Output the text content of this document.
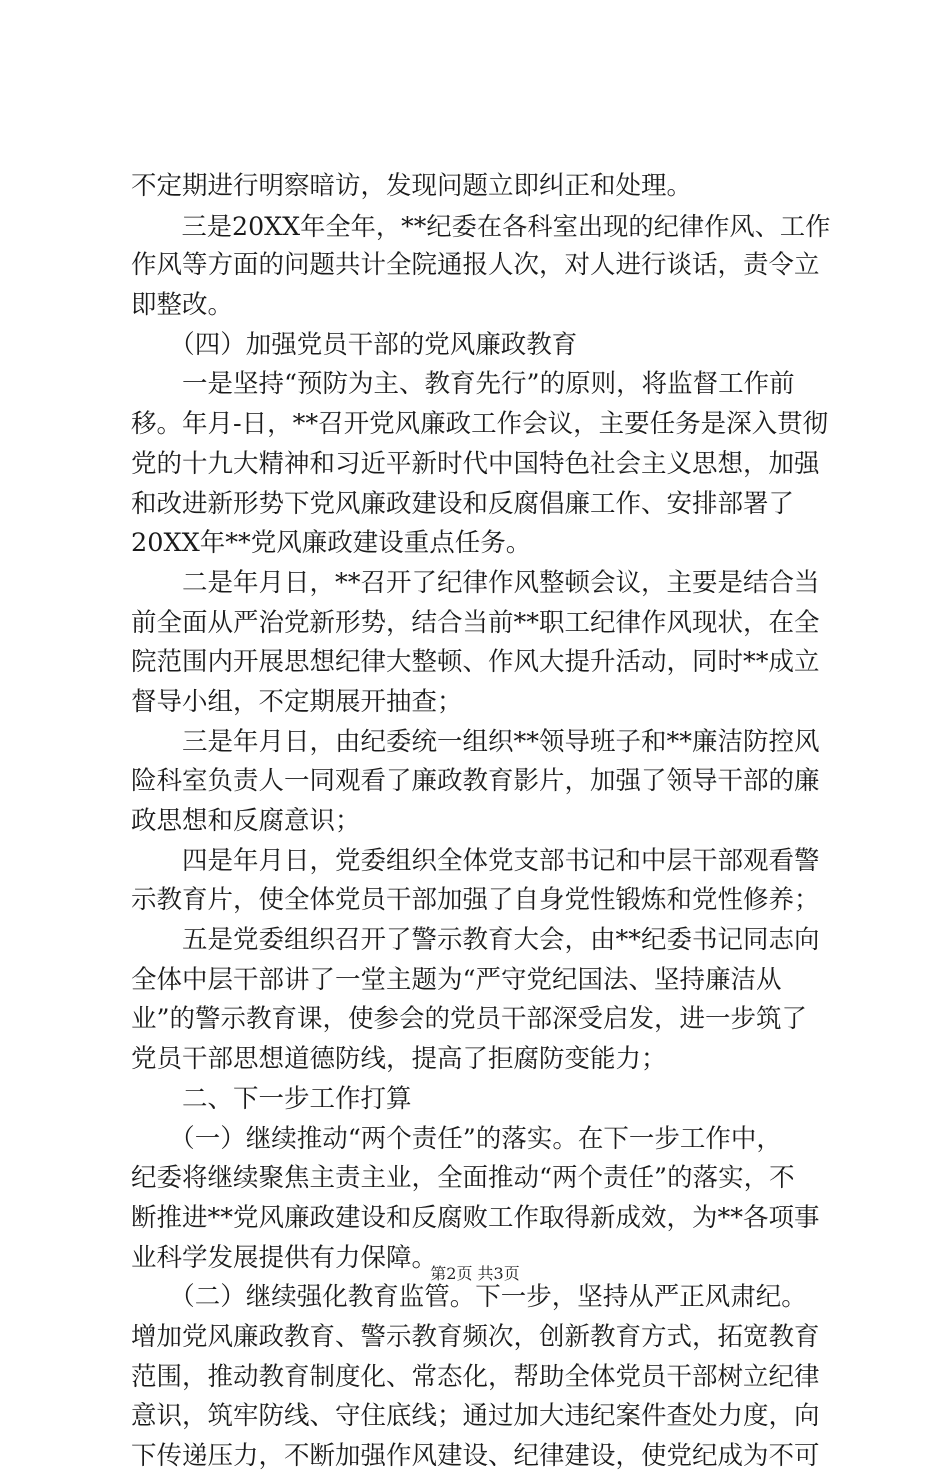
不定期进行明察暗访，发现问题立即纠正和处理。
　　三是20XX年全年，**纪委在各科室出现的纪律作风、工作
作风等方面的问题共计全院通报人次，对人进行谈话，责令立
即整改。
　　（四）加强党员干部的党风廉政教育
　　一是坚持“预防为主、教育先行”的原则，将监督工作前
移。年月-日，**召开党风廉政工作会议，主要任务是深入贯彻
党的十九大精神和习近平新时代中国特色社会主义思想，加强
和改进新形势下党风廉政建设和反腐倡廉工作、安排部署了
20XX年**党风廉政建设重点任务。
　　二是年月日，**召开了纪律作风整顿会议，主要是结合当
前全面从严治党新形势，结合当前**职工纪律作风现状，在全
院范围内开展思想纪律大整顿、作风大提升活动，同时**成立
督导小组，不定期展开抽查；
　　三是年月日，由纪委统一组织**领导班子和**廉洁防控风
险科室负责人一同观看了廉政教育影片，加强了领导干部的廉
政思想和反腐意识；
　　四是年月日，党委组织全体党支部书记和中层干部观看警
示教育片，使全体党员干部加强了自身党性锻炼和党性修养；
　　五是党委组织召开了警示教育大会，由**纪委书记同志向
全体中层干部讲了一堂主题为“严守党纪国法、坚持廉洁从
业”的警示教育课，使参会的党员干部深受启发，进一步筑了
党员干部思想道德防线，提高了拒腐防变能力；
　　二、下一步工作打算
　　（一）继续推动“两个责任”的落实。在下一步工作中，
纪委将继续聚焦主责主业，全面推动“两个责任”的落实，不
断推进**党风廉政建设和反腐败工作取得新成效，为**各项事
业科学发展提供有力保障。
　　（二）继续强化教育监管。下一步，坚持从严正风肃纪。
增加党风廉政教育、警示教育频次，创新教育方式，拓宽教育
范围，推动教育制度化、常态化，帮助全体党员干部树立纪律
意识，筑牢防线、守住底线；通过加大违纪案件查处力度，向
下传递压力，不断加强作风建设、纪律建设，使党纪成为不可
第2页 共3页
